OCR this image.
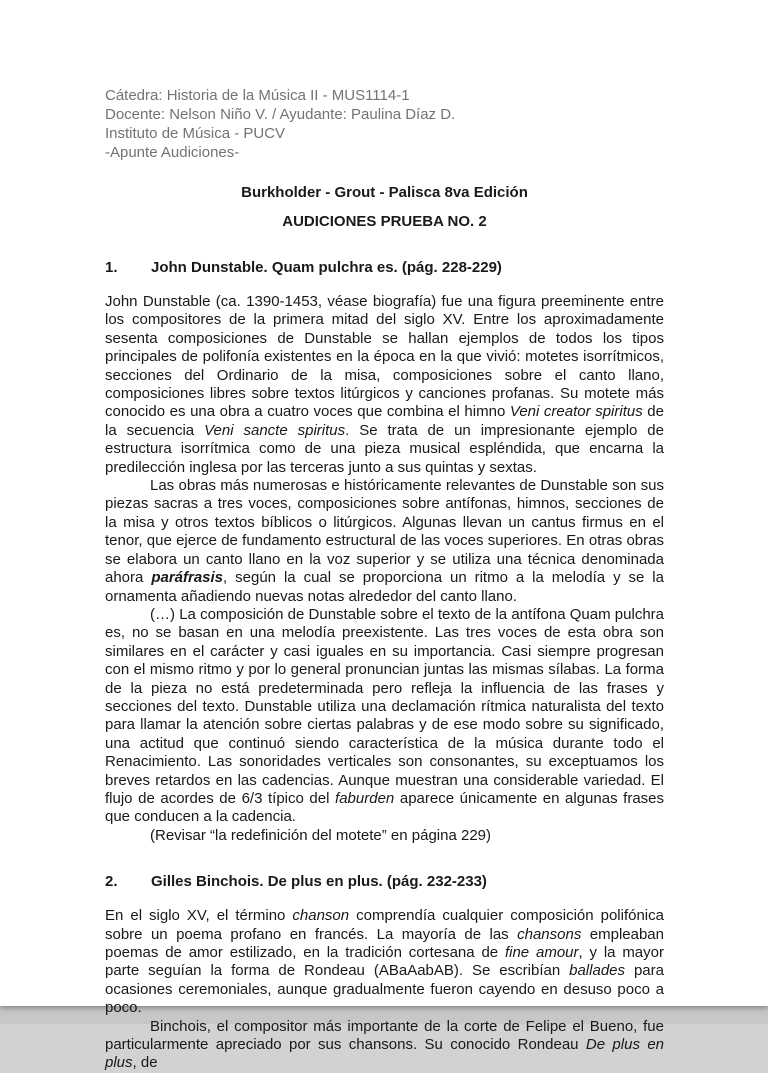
Cátedra: Historia de la Música II - MUS1114-1
Docente: Nelson Niño V. / Ayudante: Paulina Díaz D.
Instituto de Música - PUCV
-Apunte Audiciones-
Burkholder - Grout - Palisca 8va Edición
AUDICIONES PRUEBA NO. 2
1.	John Dunstable. Quam pulchra es. (pág. 228-229)

John Dunstable (ca. 1390-1453, véase biografía) fue una figura preeminente entre los compositores de la primera mitad del siglo XV. Entre los aproximadamente sesenta composiciones de Dunstable se hallan ejemplos de todos los tipos principales de polifonía existentes en la época en la que vivió: motetes isorrítmicos, secciones del Ordinario de la misa, composiciones sobre el canto llano, composiciones libres sobre textos litúrgicos y canciones profanas. Su motete más conocido es una obra a cuatro voces que combina el himno Veni creator spiritus de la secuencia Veni sancte spiritus. Se trata de un impresionante ejemplo de estructura isorrítmica como de una pieza musical espléndida, que encarna la predilección inglesa por las terceras junto a sus quintas y sextas.

Las obras más numerosas e históricamente relevantes de Dunstable son sus piezas sacras a tres voces, composiciones sobre antífonas, himnos, secciones de la misa y otros textos bíblicos o litúrgicos. Algunas llevan un cantus firmus en el tenor, que ejerce de fundamento estructural de las voces superiores. En otras obras se elabora un canto llano en la voz superior y se utiliza una técnica denominada ahora paráfrasis, según la cual se proporciona un ritmo a la melodía y se la ornamenta añadiendo nuevas notas alrededor del canto llano.

(…) La composición de Dunstable sobre el texto de la antífona Quam pulchra es, no se basan en una melodía preexistente. Las tres voces de esta obra son similares en el carácter y casi iguales en su importancia. Casi siempre progresan con el mismo ritmo y por lo general pronuncian juntas las mismas sílabas. La forma de la pieza no está predeterminada pero refleja la influencia de las frases y secciones del texto. Dunstable utiliza una declamación rítmica naturalista del texto para llamar la atención sobre ciertas palabras y de ese modo sobre su significado, una actitud que continuó siendo característica de la música durante todo el Renacimiento. Las sonoridades verticales son consonantes, su exceptuamos los breves retardos en las cadencias. Aunque muestran una considerable variedad. El flujo de acordes de 6/3 típico del faburden aparece únicamente en algunas frases que conducen a la cadencia.

(Revisar “la redefinición del motete” en página 229)

2.	Gilles Binchois. De plus en plus. (pág. 232-233)

En el siglo XV, el término chanson comprendía cualquier composición polifónica sobre un poema profano en francés. La mayoría de las chansons empleaban poemas de amor estilizado, en la tradición cortesana de fine amour, y la mayor parte seguían la forma de Rondeau (ABaAabAB). Se escribían ballades para ocasiones ceremoniales, aunque gradualmente fueron cayendo en desuso poco a poco.

Binchois, el compositor más importante de la corte de Felipe el Bueno, fue particularmente apreciado por sus chansons. Su conocido Rondeau De plus en plus, de
